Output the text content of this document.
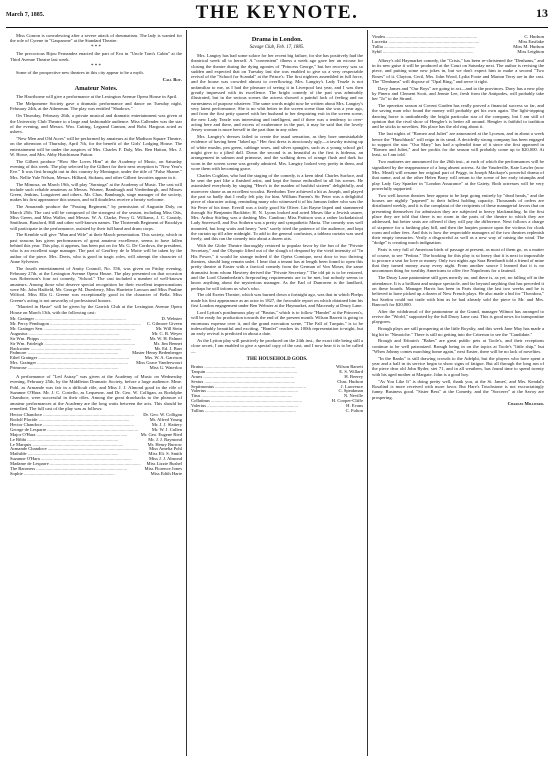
March 7, 1885.	THE KEYNOTE.	13

Miss Conron is convalescing after a severe attack of rheumatism. The lady is wanted for the role of Cyrene in "Gasparone" at the Standard Theatre.

* * *

The precocious Bijou Fernandez enacted the part of Eva in "Uncle Tom's Cabin" at the Third Avenue Theatre last week.

* * *

Some of the prospective new theatres in this city appear to be a myth.

Call Boy.
Amateur Notes.

The Hawthorne will give a performance at the Lexington Avenue Opera House in April.

The Melpomene Society gave a dramatic performance and dance on Tuesday night, February 24th, at the Atheneum. The play was entitled "Shadows."

On Thursday, February 26th, a private musical and dramatic entertainment was given at the University Club Theatre to a large and fashionable audience. Miss Callender was the star of the evening, and Messrs. Wm. Cutting, Legrand Cannon, and Robt. Hargous acted as ushers.

"New Men and Old Acres" will be performed by amateurs at the Madison Square Theatre, on the afternoon of Thursday, April 7th, for the benefit of the Girls' Lodging House. The entertainment will be under the auspices of Mrs. Charles F. Daly, Mrs. Ben Hatton, Mrs. J. W. Howe, and Mrs. Abby Hutchinson Patton.

The Gilbert produce "How She Loves Him" at the Academy of Music, on Saturday evening of this week. The play selected by the Gilbert for their next reception is "New Year's Eve." It was first brought out in this country by Montague, under the title of "False Shame." Mrs. Nellie Yale Nelson, Messrs. Hilliard, Stokum, and other Gilbert favorites appear in it.

The Mimosa, on March 19th, will play "Saratoga" at the Academy of Music. The cast will include such reliable amateurs as Messrs. Warner, Bamburgh and Vredenburgh, and Misses Green, Jenkins, Longstreet and others. Mr. Chas. Bamburgh, stage manager of the society, makes his first appearance this season, and will doubtless receive a hearty welcome.

The Amaranth produce the "Passing Regiment," by permission of Augustin Daly, on March 25th. The cast will be composed of the strongest of the season, including Miss Otis, Miss Green, and Miss Waller, and Messrs. W. A. Clarke, Percy G. Williams, J. C. Cassidy, Smithson, Bassford, Hill and other well-known names. The Thirteenth Regiment of Brooklyn will participate in the performance, assisted by their full band and drum corps.

The Kemble will give "Man and Wife" at their March presentation. This society, which in past seasons has given performances of great amateur excellence, seems to have fallen behind this year. This play, it appears, has been put on for Mr. G. De Cordova, the president, who is an excellent stage manager. The part of Geoffrey de la Motte will be taken by the author of the piece. Mrs. Davis, who is good in tragic roles, will attempt the character of Anne Sylvester.

The fourth entertainment of Amity Council, No. 556, was given on Friday evening, February 27th, at the Lexington Avenue Opera House. The play presented on that occasion was Robertson's four act comedy, "School." The cast included a number of well-known amateurs. Among those who deserve special recognition for their excellent impersonations were Mr. John Hatfield, Mr. George M. Duesberry, Miss Harriette Lawson and Miss Pauline Wilford. Miss Ella G. Greene was exceptionally good in the character of Bella. Miss Greene's acting is not unworthy of professional honors.

"Married in Haste" will be given by the Garrick Club at the Lexington Avenue Opera House on March 13th, with the following cast:

Mr. Grainger .....	D. Webster
Mr. Percy Pendragon .....	C. Gilmore Giveen
Mr. Grainger Sen. .....	Mr. Will Stein
Augustus .....	Mr. C. B. Weyer
Sir Wm. Phipps .....	Mr. W. H. Palmer
Sir Wm. Fairleigh .....	Mr. Jim Bennet
Backwater .....	Mr. Ed. J. Burr
Padmore .....	Master Henry Bedenberger
Ethel Grainger .....	Mrs. W. A. Garrison
Mrs. Grainger .....	Miss Grace Vanderwoort
Primrose .....	Miss G. Waterloo

A performance of "Led Astray" was given at the Academy of Music on Wednesday evening, February 25th, by the Middleton Dramatic Society, before a large audience. Mme. Pohl, as Armande was fair in a difficult rôle, and Miss J. J. Almond good in the rôle of Suzanne O'Hara. Mr. J. C. Costello, as Lequesne, and Dr. Geo. W. Colligan, as Rodolphe Chandoce, were successful in their rôles. Among the great drawbacks to the pleasure of amateur performances at the Academy are the long waits between the acts. This should be remedied. The full cast of the play was as follows:

Hector Chandoce .....	Dr. Geo. W. Colligan
Rodolf Placide .....	Mr. Alfred Young
Hector Chandoce .....	Mr. J. J. Slattery
George de Lesparre .....	Mr. W. J. Cullen
Major O'Hara .....	Mr. Geo. Eugene Ried
Le Bibbi .....	Mr. J. J. Raymond
Le Marquis .....	Mr. Henry Burrow
Armande Chandoce .....	Miss Amelia Pohl
Mathilde .....	Miss Eli. S. Smith
Suzanne O'Hara .....	Miss J. J. Almond
Madame de Lesparre .....	Miss Lizzie Bushel
The Baroness .....	Miss Florence Jones
Sophie .....	Miss Edith Harte
Drama in London.
Savage Club, Feb. 17, 1885.

Mrs. Langtry has had some solace for her recent big failure, for she has positively had the theatrical week all to herself. A "convenient" illness a week ago gave her an excuse for closing the theatre during the dying agonies of "Princess George," but her recovery was so sudden and expected that on Tuesday last she was enabled to give us a very respectable revival of the "School for Scandal" at the Prince's. The first nighters assembled in full force, and the house was crowded almost to overflowing. Mrs. Langtry's Lady Teazle is not unfamiliar to me, as I had the pleasure of seeing it in Liverpool last year, and I was then greatly impressed with its excellence. The bright comedy of the part was admirably illustrated, but in the serious scenes the actress showed a painful lack of feeling and no earnestness of purpose whatever. The same words might now be written about Mrs. Langtry's very latest performance. She is no whit better in the screen scene than she was a year ago, and from the first petty quarrel with her husband to her despairing exit in the screen scene, the new Lady Teazle was interesting and intelligent, and if there was a tendency to over-acting here and there, and excess of exuberance in the part, it may be said that the lovely Jersey woman is more herself in the part than in any other.

Mrs. Langtry's dresses failed to create the usual sensation, as they bore unmistakable evidence of having been "faked up." Her first dress is atrociously ugly—a tawdry mixing up of white muslin, pea green, cabbage roses, and silver spangles, such as a young school girl might give to a jilted doll. Down the second is as beautiful as the first is hideous, an arrangement in salmon and primrose, and the walking dress of orange flush and dark fur worn in the screen scene was greatly admired. Mrs. Langtry looked very pretty in them, and wore them with becoming grace.

Charles Coghlan, who had the staging of the comedy, is a keen ideal Charles Surface, and he sent the part like a finished artist, and kept the house enthralled in all his scenes. He astonished everybody by singing "Here's to the maiden of bashful sixteen" delightfully, and moreover shone as an excellent vocalist. Beerbohm Tree achieved a hit as Joseph, and played the part so badly that I really felt pity for him. William Farren's Sir Peter was a delightful piece of character acting, reminding many who witnessed it of his famous father who was the Sir Peter of his time. Everill was a fairly good Sir Oliver. Lin Rayne lisped and stammered through Sir Benjamin Backbite; H. N. Lyons looked and acted Moses like a Jewish usurer, Mrs. Arthur Stirling was a dashing Mrs. Candour; Miss Pattison was a rather lackadaisical Lady Sneerwell, and Eva Sothern was a pretty and sympathetic Maria. The comedy was well mounted, but long waits and heavy "sets" sorely tried the patience of the audience, and kept the curtain up till after midnight. To add to the general confusion, a tableau curtain was used freely, and this ran the comedy into about a dozen acts.

With the Globe Theatre thoroughly restored to popular favor by the fun of the "Private Secretary," and the Olympic lifted out of the slough of despond by the vivid intensity of "In His Power," it would be strange indeed if the Opéra Comique, next door to two thriving theatres, should long remain unlet. I hear that a tenant has at length been found to open this pretty theatre at Easter with a farcical comedy from the German of Von Moser, the same dramatist from whom Hawtrey derived the "Private Secretary." The old pit is to be restored, and the Lord Chamberlain's fireproofing requirements are to be met, but nobody seems to know anything about the mysterious manager. As the Earl of Dunraven is the landlord, perhaps he will inform us who's who.

The old Exeter Theatre, which was burned down a fortnight ago, was that in which Phelps made his first appearance as an actor in 1827, the favorable report on which obtained him his first London engagement under Ben Webster at the Haymarket, and Macready at Drury Lane.

Lord Lytton's posthumous play of "Brutus," which is to follow "Hamlet" at the Princess's, will be ready for production towards the end of the present month. Wilson Barrett is going to enormous expense over it, and the grand execution scene, "The Fall of Tarquin," is to be indescribably beautiful and exciting. "Hamlet" reaches its 100th representation to-night, but an early revival is predicted in about a date.

As the Lytton play will positively be produced on the 24th inst., the exact title being still a close secret, I am enabled to give a special copy of the cast, and I now hear it is to be called—

THE HOUSEHOLD GODS.
Brutus .....	Wilson Barrett
Tarquin .....	E. S. Willard
Aruns .....	H. Beerey
Sextus .....	Chas. Hudson
Septimonius .....	J. Lawrence
Valerius .....	C. Speakman
Titus .....	N. Neville
Collatinus .....	H. Cooper-Cliffe
Valerius .....	H. Evans
Tullius .....	C. Fulton
Vindex .....	C. Hudson
Lucretia .....	Miss Eastlake
Tullia .....	Miss M. Hudson
Sybil .....	Miss Leighton

Albery's old Haymarket comedy, the "Crisis," has been re-christened the "Denhams," and in its new guise it will be produced at the Court on Saturday next. The author is revising the piece, and putting some new jokes in, but we don't expect him to make a second "Two Roses" of it. Clayton, Cecil, Mrs. John Wood, Lydia Foote and Marion Terry are in the cast. The "Denhams" will dispose of "Opal Ring," and serve it right.

Davy James and "Our Boys" are going to act—and to the provinces. Davy has a new play by Pinero and Clement Scott, and Jennie Lee, fresh from the Antipodes, will probably take her "Jo" to the Strand.

The operettas season at Covent Garden has really proved a financial success so far, and the saving man who found the money will probably get his own again. The light-tripping dancing horse is undoubtedly the bright particular star of the company, but I am still of opinion that the rival show of Hengler's is better all around. Hengler is faithful to tradition and he sticks to novelties. His place has the old ring about it.

The last nights of "Romeo and Juliet" are announced at the Lyceum, and in about a week hence the "Hunchback" will reign in its stead. A decidedly strong company has been engaged to support the star. "Our Mary" has had a splendid time of it since she first appeared in "Romeo and Juliet," and her profits for the season will probably come up to $20,000. At least, so I am told.

Two matinees are announced for the 26th inst., at each of which the performances will be signalized by the reappearance of a long absent actress. At the Vaudeville, Kate Lawler (now Mrs. Mead) will resume her original part of Peggy, in Joseph Mackaye's powerful drama of that name, and at the other Helen Barry will return to the scene of her early triumphs and play Lady Gay Spanker in "London Assurance" at the Gaiety. Both actresses will be very powerfully supported.

Two well known theatres here appear to be kept going entirely by "dead heads," and the houses are nightly "papered" to their fullest holding capacity. Thousands of orders are distributed weekly, and it is the complaint of the recipients of these managerial favors that on presenting themselves for admission they are subjected to heavy blackmailing. In the first place they are told that there is no room in the parts of the theatre to which they are addressed, but better seats are offered if they will pay the difference. Next follows a charge of sixpence for a farthing play bill, and then the harpies pounce upon the victims for cloak room and other fees. And this is how the respectable managers of the two theatres replenish their empty treasuries. Verily a disgraceful as well as a new way of raising the wind. The "dodge" is creating much indignation.

Paris is very full of American birds of passage at present, as most of them go, as a matter of course, to see "Fedora." The booking for this play is so heavy that it is next to impossible to procure a seat for love or money. Only two nights ago Sara Bernhardt told a friend of mine that they turned money away every night. From another source I learned that it is no uncommon thing for wealthy Americans to offer five Napoleons for a fauteuil.

The Drury Lane pantomime still goes merrily on, and there is, as yet, no falling off in the attendance. It is a brilliant and unique spectacle, and far beyond anything that has preceded it on these boards. Manager Harris has been in Paris during the last two weeks and he is believed to have picked up a dozen of New French plays. He also made a bid for "Theodora," but Sardou could not trade with him as he had already sold the piece to Mr. and Mrs. Bancroft for $20,000.

After the withdrawal of the pantomime at the Grand, manager Wilmot has arranged to revive the "World," supported by the full Drury Lane cast. This is good news for transpontine playgoers.

Brough plays are still prospering at the little Royalty, and this week Jane May has made a big hit in "Nimoiche." There is still no getting into the Criterion to see the "Candidate."

Brough and Edouin's "Babes" are great public pets at Toole's, and their receptions continue to be well patronized. Brough being in on the topics at Toole's "little ship," but "When Johnny comes marching home again," next Easter, there will be no lack of novelties.

"In the Ranks" is still drawing crowds to the Adelphi, but the players who have spent a year and a half in its service begin to show signs of fatigue. But all through the long run of the piece dear old John Ryder, stet 71, and in all weathers, has found time to spend twenty with his aged mother at Margate. John is a good boy.

"As You Like It" is doing pretty well, thank you, at the St. James', and Mrs. Kendal's Rosalind is more received with more favor. But Hare's Touchstone is not excruciatingly funny. Business good. "Sister Bess" at the Comedy, and the "Sorcerer" at the Savoy are prospering.

Charles Millward.
